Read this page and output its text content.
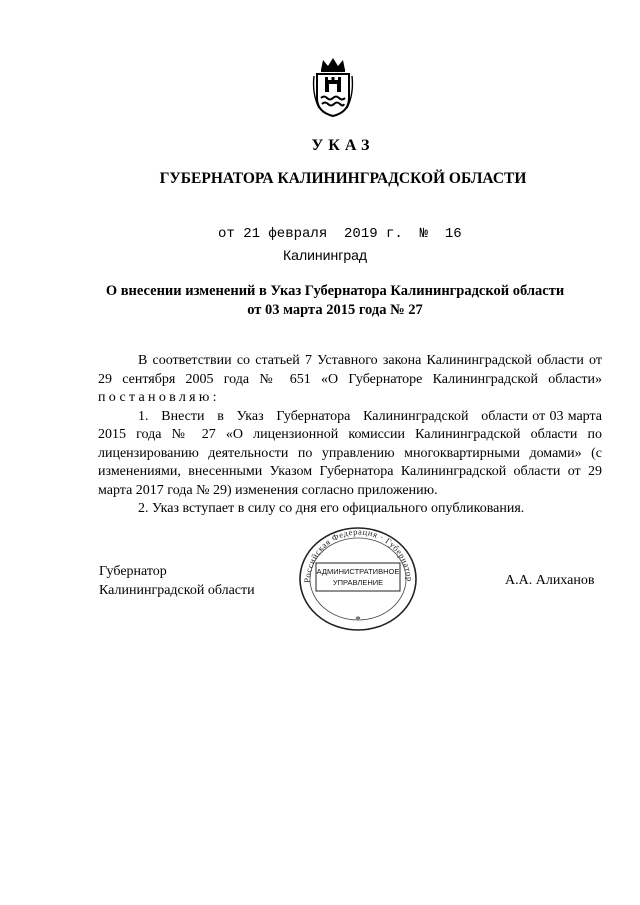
УКАЗ
ГУБЕРНАТОРА КАЛИНИНГРАДСКОЙ ОБЛАСТИ
от 21 февраля  2019 г.  №  16
Калининград
О внесении изменений в Указ Губернатора Калининградской области
от 03 марта 2015 года № 27

В соответствии со статьей 7 Уставного закона Калининградской области от 29 сентября 2005 года № 651 «О Губернаторе Калининградской области» постановляю:

1.   Внести   в   Указ   Губернатора   Калининградской   области от 03 марта 2015 года № 27 «О лицензионной комиссии Калининградской области по лицензированию деятельности по управлению многоквартирными домами» (с изменениями, внесенными Указом Губернатора Калининградской области от 29 марта 2017 года № 29) изменения согласно приложению.

2. Указ вступает в силу со дня его официального опубликования.

Губернатор
Калининградской области
Российская Федерация · Губернатор
АДМИНИСТРАТИВНОЕ
УПРАВЛЕНИЕ
*
А.А. Алиханов
